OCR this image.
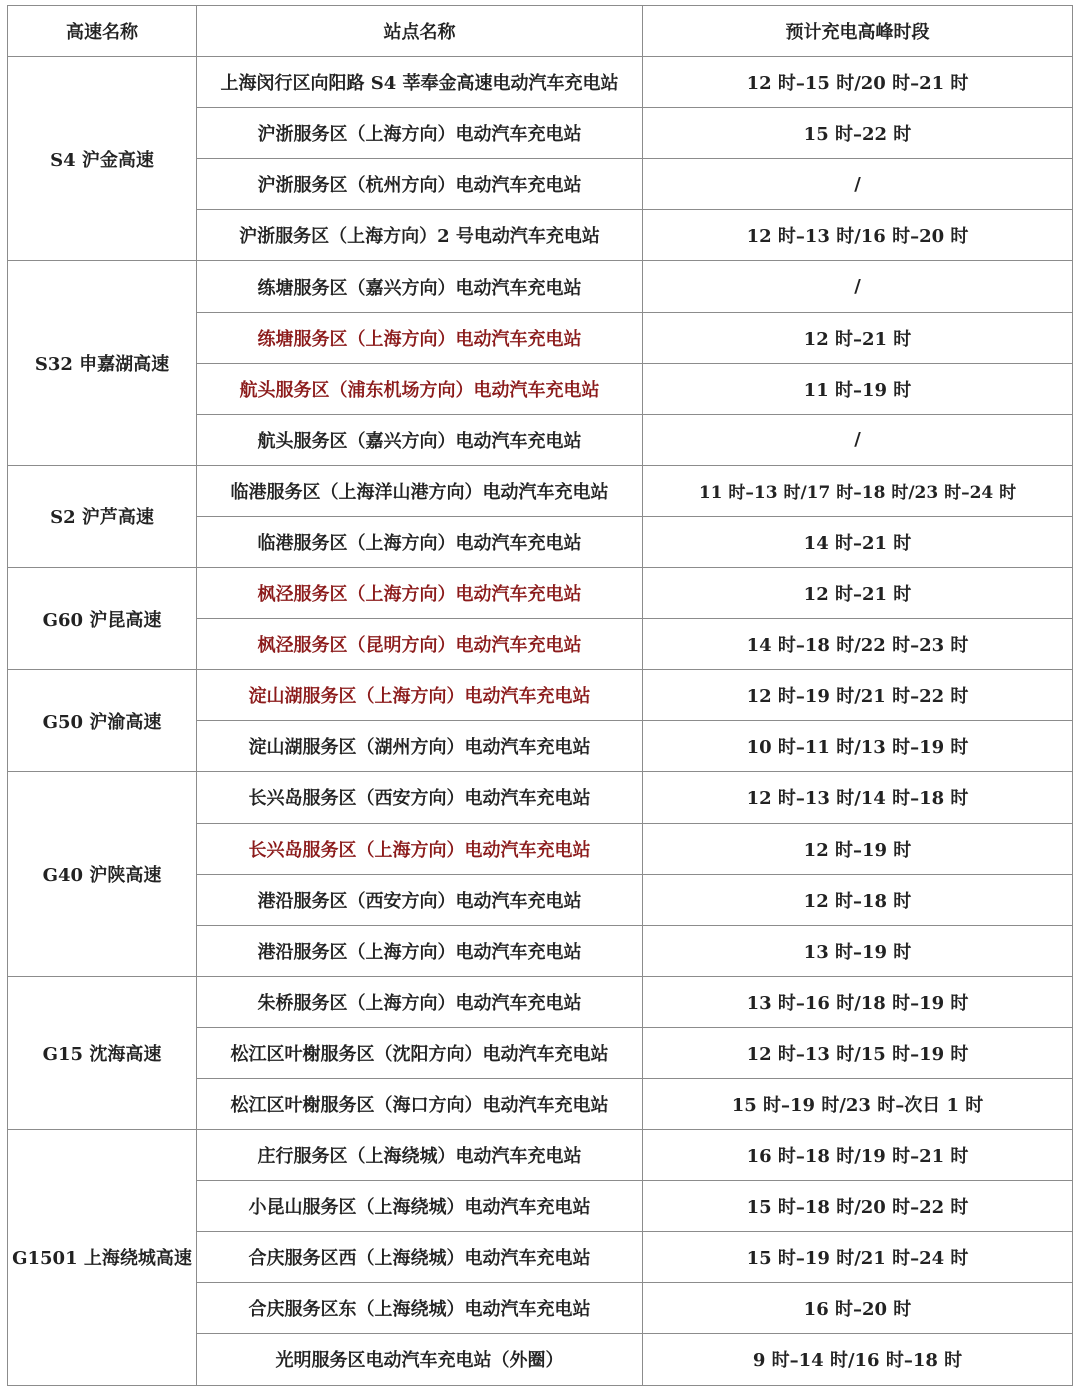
高速名称	站点名称	预计充电高峰时段
S4 沪金高速	上海闵行区向阳路 S4 莘奉金高速电动汽车充电站	12 时–15 时/20 时–21 时
	沪浙服务区（上海方向）电动汽车充电站	15 时–22 时
	沪浙服务区（杭州方向）电动汽车充电站	/
	沪浙服务区（上海方向）2 号电动汽车充电站	12 时–13 时/16 时–20 时
S32 申嘉湖高速	练塘服务区（嘉兴方向）电动汽车充电站	/
	练塘服务区（上海方向）电动汽车充电站	12 时–21 时
	航头服务区（浦东机场方向）电动汽车充电站	11 时–19 时
	航头服务区（嘉兴方向）电动汽车充电站	/
S2 沪芦高速	临港服务区（上海洋山港方向）电动汽车充电站	11 时–13 时/17 时–18 时/23 时–24 时
	临港服务区（上海方向）电动汽车充电站	14 时–21 时
G60 沪昆高速	枫泾服务区（上海方向）电动汽车充电站	12 时–21 时
	枫泾服务区（昆明方向）电动汽车充电站	14 时–18 时/22 时–23 时
G50 沪渝高速	淀山湖服务区（上海方向）电动汽车充电站	12 时–19 时/21 时–22 时
	淀山湖服务区（湖州方向）电动汽车充电站	10 时–11 时/13 时–19 时
G40 沪陕高速	长兴岛服务区（西安方向）电动汽车充电站	12 时–13 时/14 时–18 时
	长兴岛服务区（上海方向）电动汽车充电站	12 时–19 时
	港沿服务区（西安方向）电动汽车充电站	12 时–18 时
	港沿服务区（上海方向）电动汽车充电站	13 时–19 时
G15 沈海高速	朱桥服务区（上海方向）电动汽车充电站	13 时–16 时/18 时–19 时
	松江区叶榭服务区（沈阳方向）电动汽车充电站	12 时–13 时/15 时–19 时
	松江区叶榭服务区（海口方向）电动汽车充电站	15 时–19 时/23 时–次日 1 时
G1501 上海绕城高速	庄行服务区（上海绕城）电动汽车充电站	16 时–18 时/19 时–21 时
	小昆山服务区（上海绕城）电动汽车充电站	15 时–18 时/20 时–22 时
	合庆服务区西（上海绕城）电动汽车充电站	15 时–19 时/21 时–24 时
	合庆服务区东（上海绕城）电动汽车充电站	16 时–20 时
	光明服务区电动汽车充电站（外圈）	9 时–14 时/16 时–18 时
